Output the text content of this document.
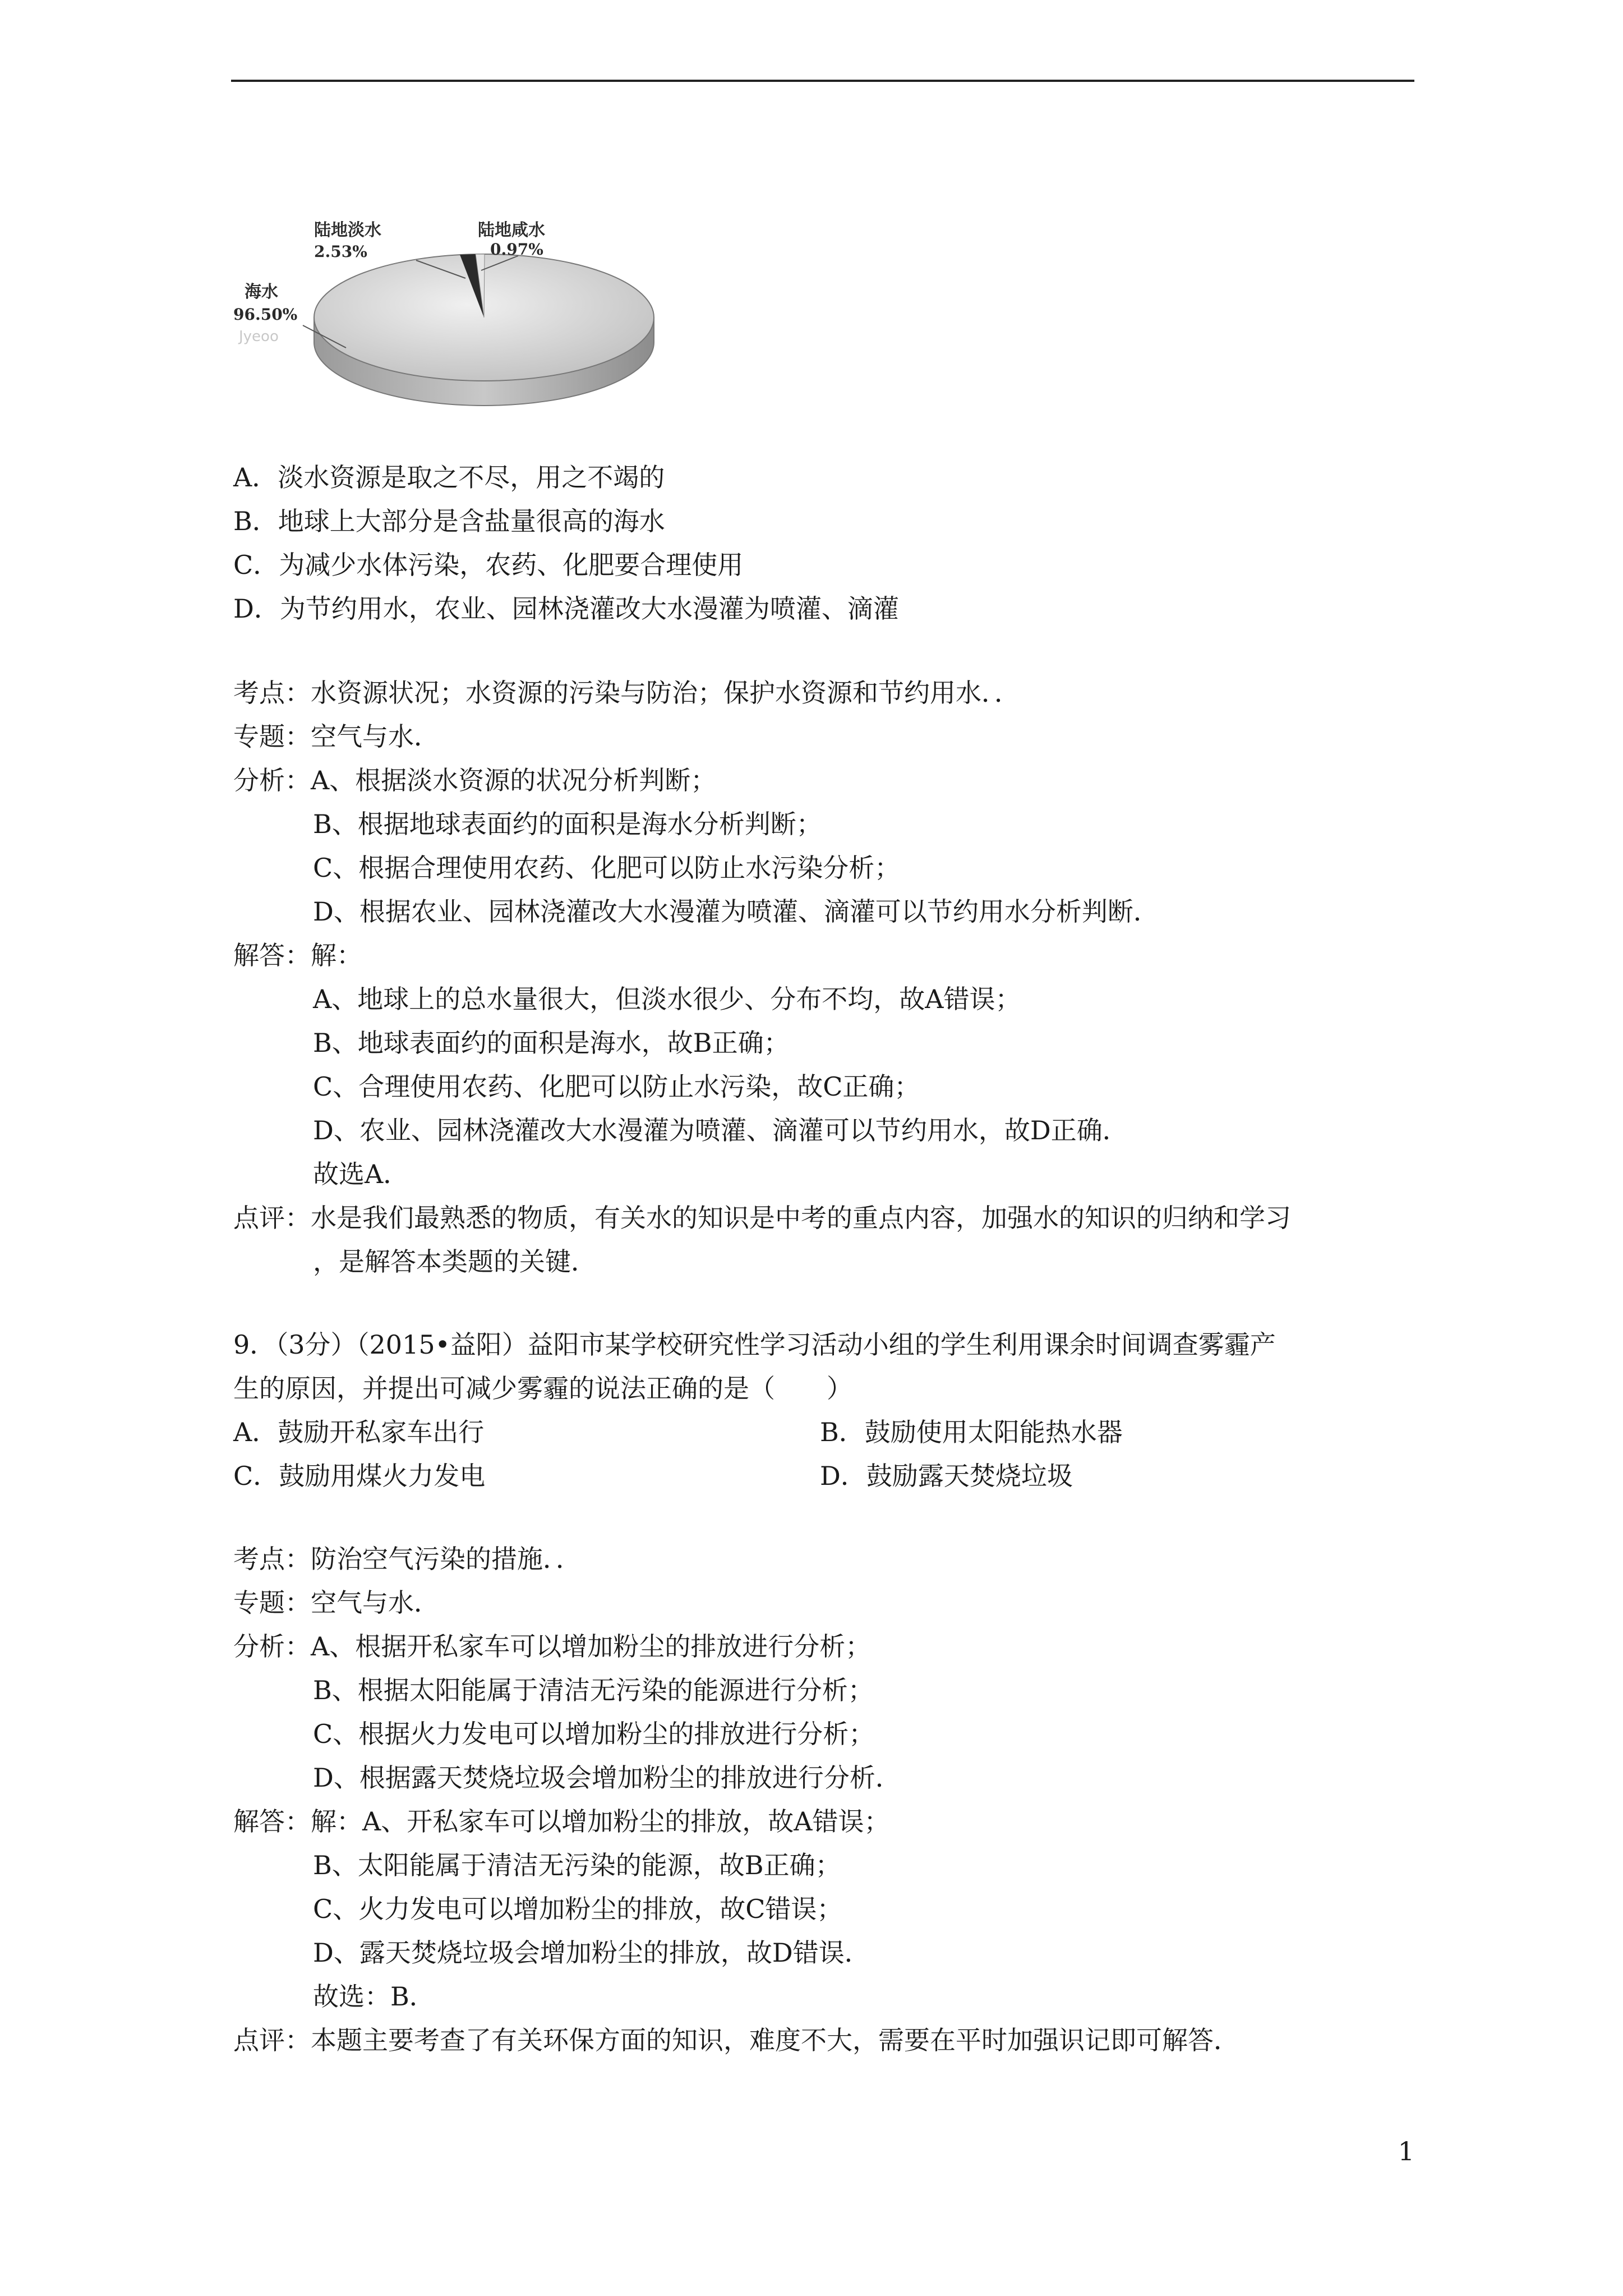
陆地淡水
2.53%
陆地咸水
0.97%
海水
96.50%
Jyeoo
A．淡水资源是取之不尽，用之不竭的
B．地球上大部分是含盐量很高的海水
C．为减少水体污染，农药、化肥要合理使用
D．为节约用水，农业、园林浇灌改大水漫灌为喷灌、滴灌
考点：水资源状况；水资源的污染与防治；保护水资源和节约用水．．
专题：空气与水．
分析：A、根据淡水资源的状况分析判断；
B、根据地球表面约的面积是海水分析判断；
C、根据合理使用农药、化肥可以防止水污染分析；
D、根据农业、园林浇灌改大水漫灌为喷灌、滴灌可以节约用水分析判断．
解答：解：
A、地球上的总水量很大，但淡水很少、分布不均，故A错误；
B、地球表面约的面积是海水，故B正确；
C、合理使用农药、化肥可以防止水污染，故C正确；
D、农业、园林浇灌改大水漫灌为喷灌、滴灌可以节约用水，故D正确．
故选A．
点评：水是我们最熟悉的物质，有关水的知识是中考的重点内容，加强水的知识的归纳和学习
，是解答本类题的关键．
9．（3分）（2015•益阳）益阳市某学校研究性学习活动小组的学生利用课余时间调查雾霾产
生的原因，并提出可减少雾霾的说法正确的是（　　）
A．鼓励开私家车出行	B．鼓励使用太阳能热水器
C．鼓励用煤火力发电	D．鼓励露天焚烧垃圾
考点：防治空气污染的措施．．
专题：空气与水．
分析：A、根据开私家车可以增加粉尘的排放进行分析；
B、根据太阳能属于清洁无污染的能源进行分析；
C、根据火力发电可以增加粉尘的排放进行分析；
D、根据露天焚烧垃圾会增加粉尘的排放进行分析．
解答：解：A、开私家车可以增加粉尘的排放，故A错误；
B、太阳能属于清洁无污染的能源，故B正确；
C、火力发电可以增加粉尘的排放，故C错误；
D、露天焚烧垃圾会增加粉尘的排放，故D错误．
故选：B．
点评：本题主要考查了有关环保方面的知识，难度不大，需要在平时加强识记即可解答．
1
